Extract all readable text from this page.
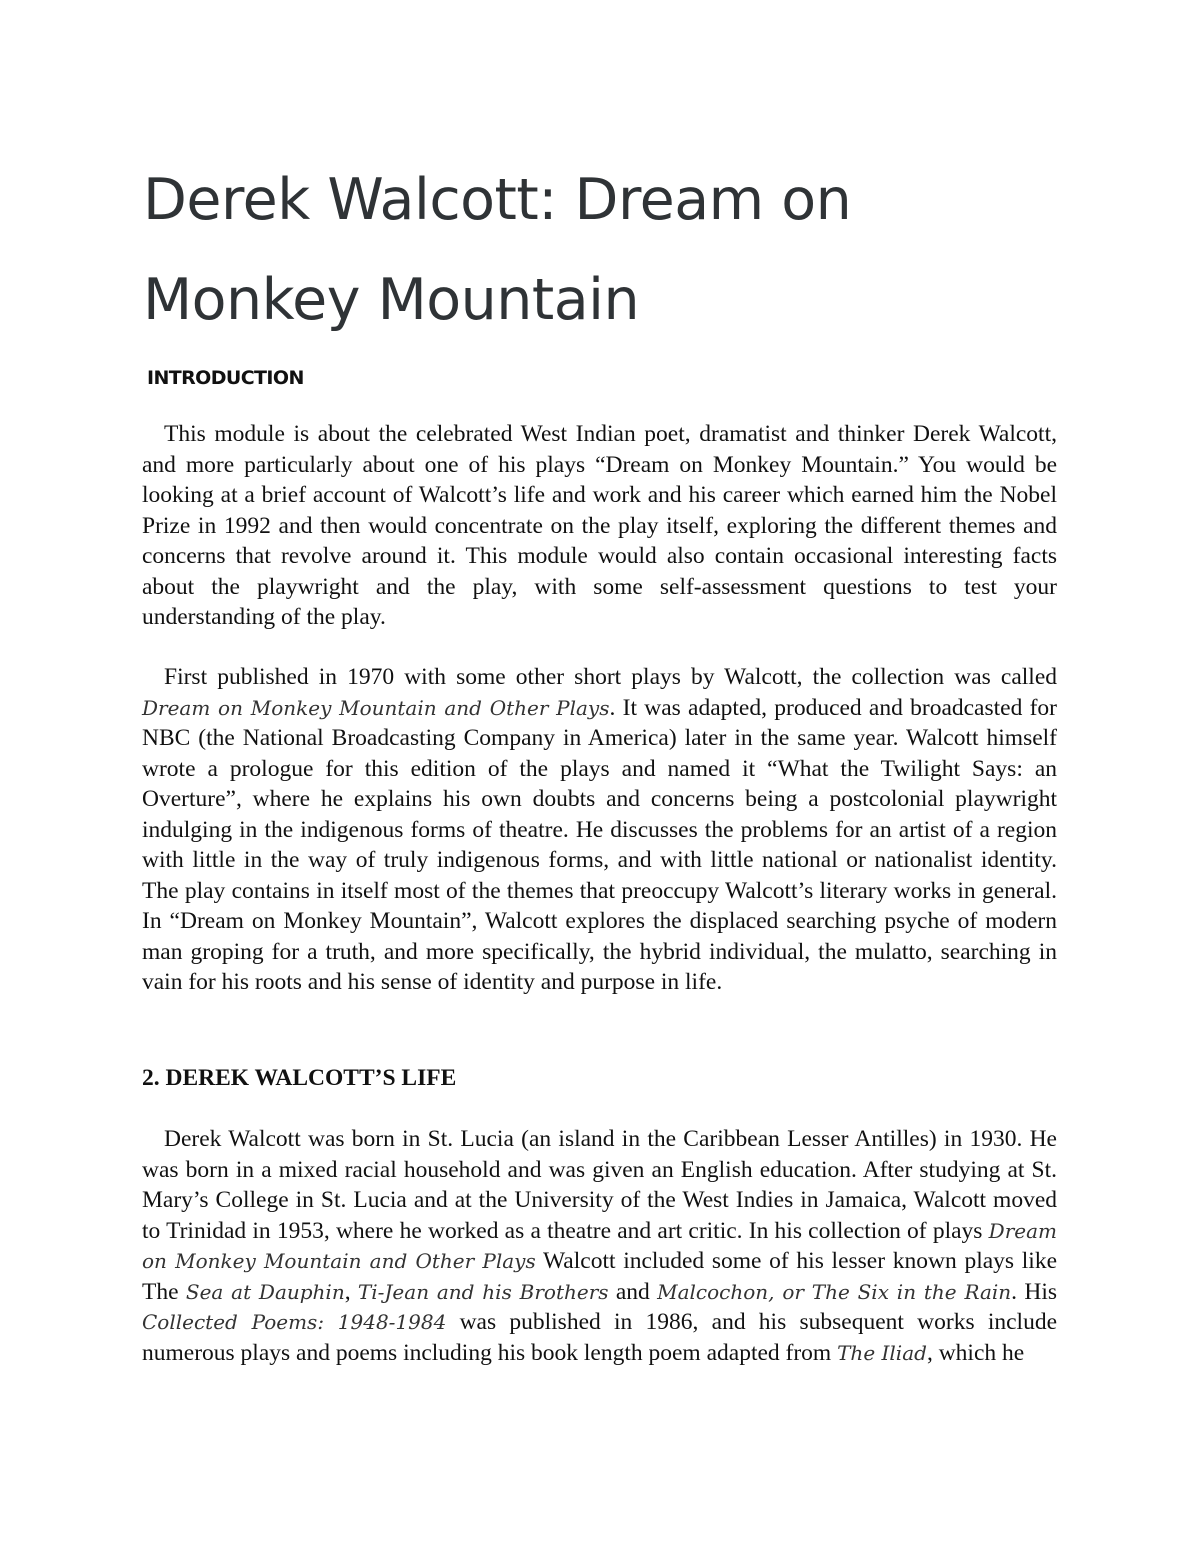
Derek Walcott: Dream on Monkey Mountain
INTRODUCTION

This module is about the celebrated West Indian poet, dramatist and thinker Derek Walcott, and more particularly about one of his plays “Dream on Monkey Mountain.” You would be looking at a brief account of Walcott’s life and work and his career which earned him the Nobel Prize in 1992 and then would concentrate on the play itself, exploring the different themes and concerns that revolve around it. This module would also contain occasional interesting facts about the playwright and the play, with some self-assessment questions to test your understanding of the play.

First published in 1970 with some other short plays by Walcott, the collection was called Dream on Monkey Mountain and Other Plays. It was adapted, produced and broadcasted for NBC (the National Broadcasting Company in America) later in the same year. Walcott himself wrote a prologue for this edition of the plays and named it “What the Twilight Says: an Overture”, where he explains his own doubts and concerns being a postcolonial playwright indulging in the indigenous forms of theatre. He discusses the problems for an artist of a region with little in the way of truly indigenous forms, and with little national or nationalist identity. The play contains in itself most of the themes that preoccupy Walcott’s literary works in general. In “Dream on Monkey Mountain”, Walcott explores the displaced searching psyche of modern man groping for a truth, and more specifically, the hybrid individual, the mulatto, searching in vain for his roots and his sense of identity and purpose in life.

2. DEREK WALCOTT’S LIFE

Derek Walcott was born in St. Lucia (an island in the Caribbean Lesser Antilles) in 1930. He was born in a mixed racial household and was given an English education. After studying at St. Mary’s College in St. Lucia and at the University of the West Indies in Jamaica, Walcott moved to Trinidad in 1953, where he worked as a theatre and art critic. In his collection of plays Dream on Monkey Mountain and Other Plays Walcott included some of his lesser known plays like The Sea at Dauphin, Ti-Jean and his Brothers and Malcochon, or The Six in the Rain. His Collected Poems: 1948-1984 was published in 1986, and his subsequent works include numerous plays and poems including his book length poem adapted from The Iliad, which he
